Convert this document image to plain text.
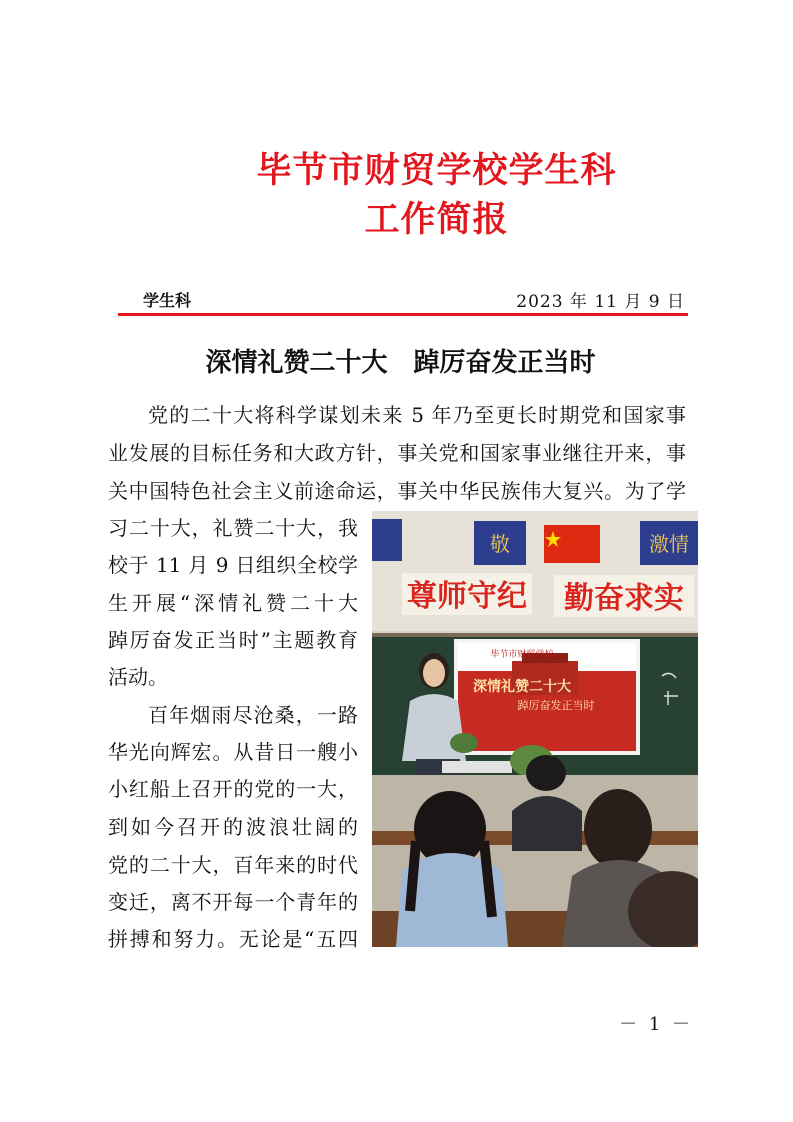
毕节市财贸学校学生科
工作简报
学生科	2023 年 11 月 9 日
深情礼赞二十大　踔厉奋发正当时
党的二十大将科学谋划未来 5 年乃至更长时期党和国家事
业发展的目标任务和大政方针，事关党和国家事业继往开来，事
关中国特色社会主义前途命运，事关中华民族伟大复兴。为了学
习二十大，礼赞二十大，我
校于 11 月 9 日组织全校学
生开展“深情礼赞二十大
踔厉奋发正当时”主题教育
活动。
百年烟雨尽沧桑，一路
华光向辉宏。从昔日一艘小
小红船上召开的党的一大，
到如今召开的波浪壮阔的
党的二十大，百年来的时代
变迁，离不开每一个青年的
拼搏和努力。无论是“五四
敬	激情
尊师守纪 勤奋求实
毕节市财贸学校
深情礼赞二十大
踔厉奋发正当时
－ 1 －
